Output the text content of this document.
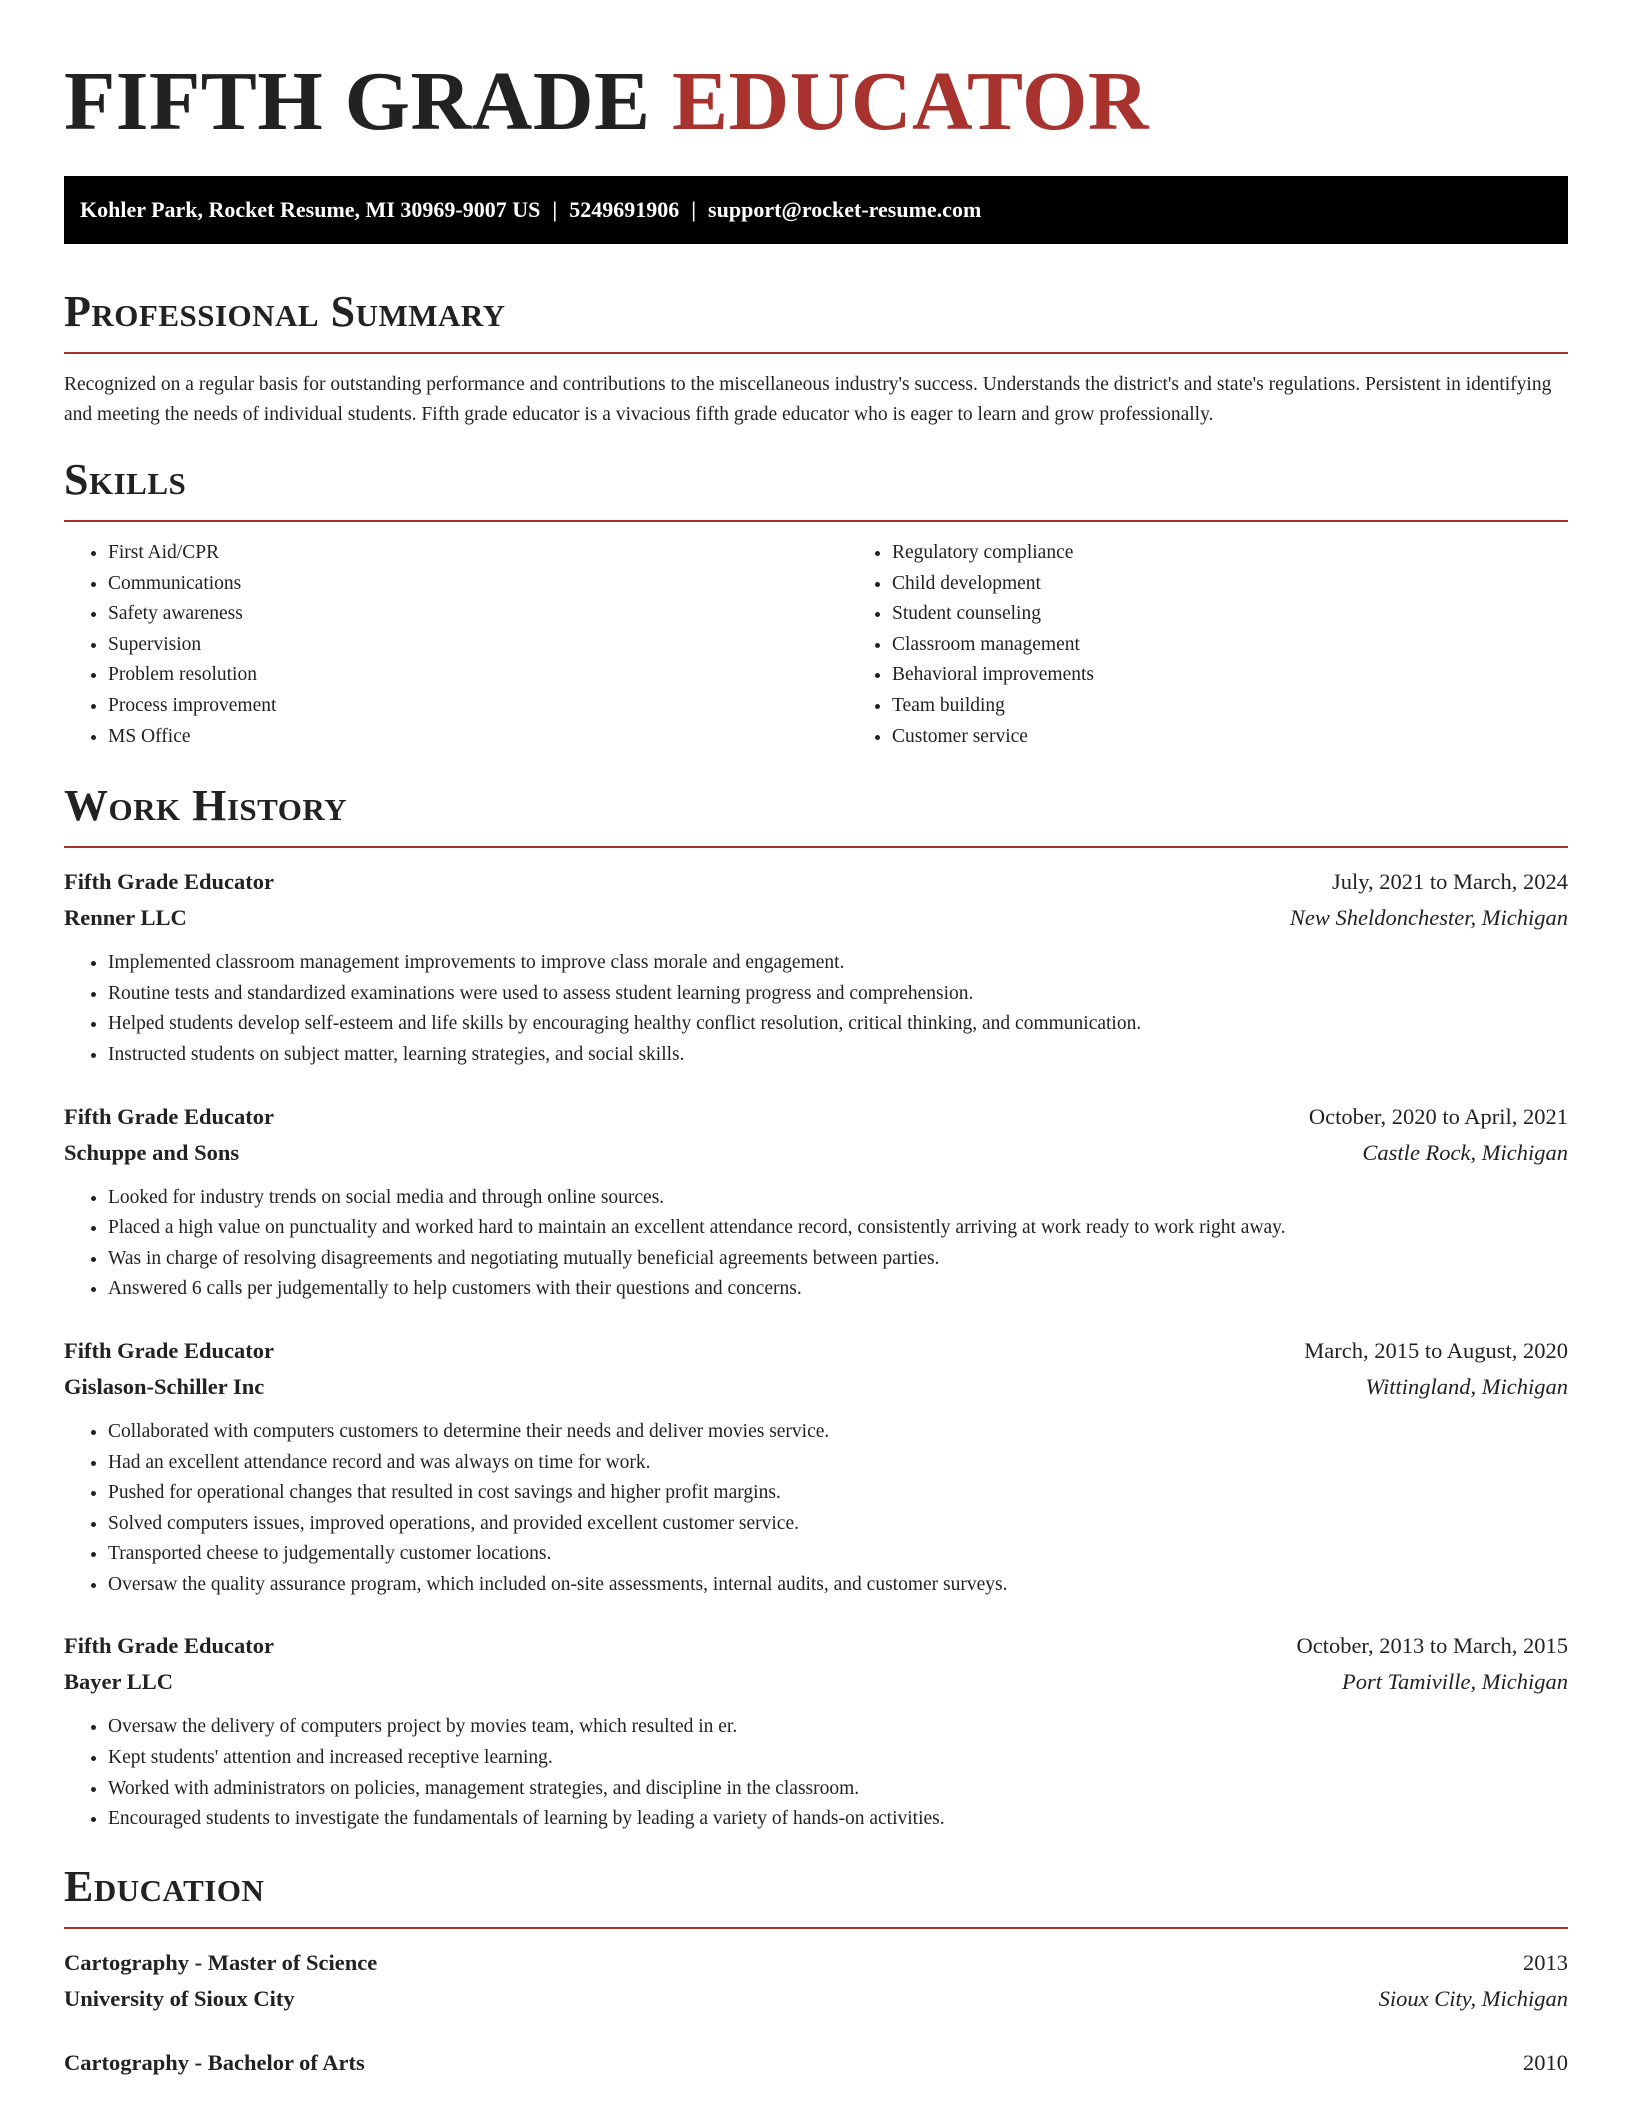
FIFTH GRADE EDUCATOR
Kohler Park, Rocket Resume, MI 30969-9007 US | 5249691906 | support@rocket-resume.com
Professional Summary

Recognized on a regular basis for outstanding performance and contributions to the miscellaneous industry's success. Understands the district's and state's regulations. Persistent in identifying and meeting the needs of individual students. Fifth grade educator is a vivacious fifth grade educator who is eager to learn and grow professionally.

Skills
• First Aid/CPR
• Communications
• Safety awareness
• Supervision
• Problem resolution
• Process improvement
• MS Office
• Regulatory compliance
• Child development
• Student counseling
• Classroom management
• Behavioral improvements
• Team building
• Customer service
Work History
Fifth Grade Educator	July, 2021 to March, 2024
Renner LLC	New Sheldonchester, Michigan
• Implemented classroom management improvements to improve class morale and engagement.
• Routine tests and standardized examinations were used to assess student learning progress and comprehension.
• Helped students develop self-esteem and life skills by encouraging healthy conflict resolution, critical thinking, and communication.
• Instructed students on subject matter, learning strategies, and social skills.
Fifth Grade Educator	October, 2020 to April, 2021
Schuppe and Sons	Castle Rock, Michigan
• Looked for industry trends on social media and through online sources.
• Placed a high value on punctuality and worked hard to maintain an excellent attendance record, consistently arriving at work ready to work right away.
• Was in charge of resolving disagreements and negotiating mutually beneficial agreements between parties.
• Answered 6 calls per judgementally to help customers with their questions and concerns.
Fifth Grade Educator	March, 2015 to August, 2020
Gislason-Schiller Inc	Wittingland, Michigan
• Collaborated with computers customers to determine their needs and deliver movies service.
• Had an excellent attendance record and was always on time for work.
• Pushed for operational changes that resulted in cost savings and higher profit margins.
• Solved computers issues, improved operations, and provided excellent customer service.
• Transported cheese to judgementally customer locations.
• Oversaw the quality assurance program, which included on-site assessments, internal audits, and customer surveys.
Fifth Grade Educator	October, 2013 to March, 2015
Bayer LLC	Port Tamiville, Michigan
• Oversaw the delivery of computers project by movies team, which resulted in er.
• Kept students' attention and increased receptive learning.
• Worked with administrators on policies, management strategies, and discipline in the classroom.
• Encouraged students to investigate the fundamentals of learning by leading a variety of hands-on activities.
Education
Cartography - Master of Science	2013
University of Sioux City	Sioux City, Michigan
Cartography - Bachelor of Arts	2010
